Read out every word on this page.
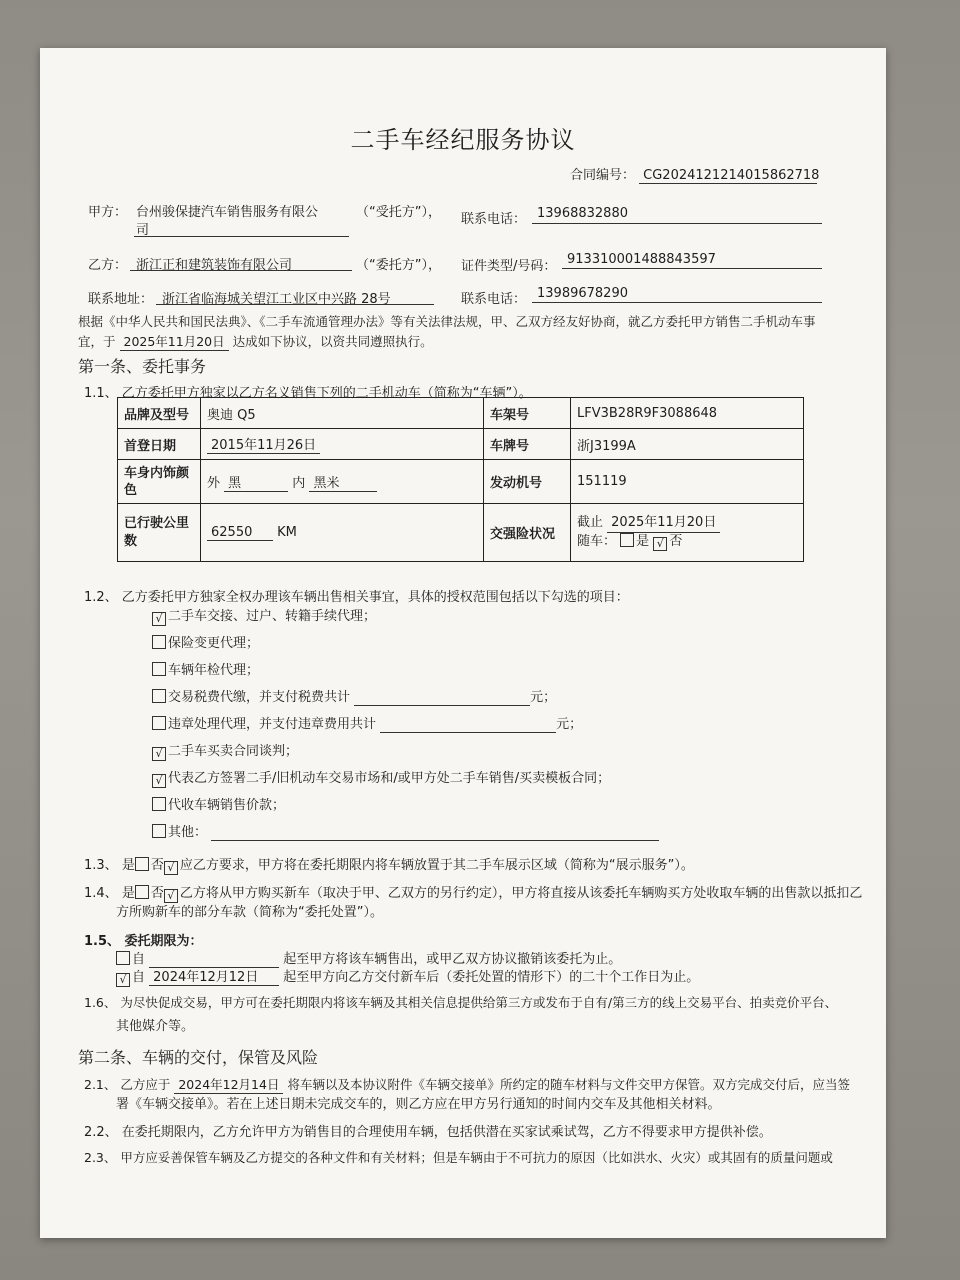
二手车经纪服务协议
合同编号： CG2024121214015862718
甲方： 台州骏保捷汽车销售服务有限公
司
（“受托方”）， 联系电话： 13968832880
乙方： 浙江正和建筑装饰有限公司	（“委托方”）， 证件类型/号码： 913310001488843597
联系地址： 浙江省临海城关望江工业区中兴路 28号	联系电话： 13989678290
根据《中华人民共和国民法典》、《二手车流通管理办法》等有关法律法规，甲、乙双方经友好协商，就乙方委托甲方销售二手机动车事
宜，于 2025年11月20日 达成如下协议，以资共同遵照执行。
第一条、委托事务
1.1、 乙方委托甲方独家以乙方名义销售下列的二手机动车（简称为“车辆”）。
品牌及型号	奥迪 Q5	车架号	LFV3B28R9F3088648
首登日期	2015年11月26日	车牌号	浙J3199A
车身内饰颜
色	外 黑 内 黑米	发动机号	151119
已行驶公里
数	62550 KM	交强险状况	截止 2025年11月20日
随车： 是 √ 否
1.2、 乙方委托甲方独家全权办理该车辆出售相关事宜，具体的授权范围包括以下勾选的项目：
√ 二手车交接、过户、转籍手续代理；
保险变更代理；
车辆年检代理；
交易税费代缴，并支付税费共计	元；
违章处理代理，并支付违章费用共计	元；
√ 二手车买卖合同谈判；
√ 代表乙方签署二手/旧机动车交易市场和/或甲方处二手车销售/买卖模板合同；
代收车辆销售价款；
其他：
1.3、 是 否 √ 应乙方要求，甲方将在委托期限内将车辆放置于其二手车展示区域（简称为“展示服务”）。
1.4、 是 否 √ 乙方将从甲方购买新车（取决于甲、乙双方的另行约定），甲方将直接从该委托车辆购买方处收取车辆的出售款以抵扣乙
方所购新车的部分车款（简称为“委托处置”）。
1.5、 委托期限为：
自	起至甲方将该车辆售出，或甲乙双方协议撤销该委托为止。
√ 自 2024年12月12日 起至甲方向乙方交付新车后（委托处置的情形下）的二十个工作日为止。
1.6、 为尽快促成交易，甲方可在委托期限内将该车辆及其相关信息提供给第三方或发布于自有/第三方的线上交易平台、拍卖竞价平台、
其他媒介等。
第二条、车辆的交付，保管及风险
2.1、 乙方应于 2024年12月14日 将车辆以及本协议附件《车辆交接单》所约定的随车材料与文件交甲方保管。双方完成交付后，应当签
署《车辆交接单》。若在上述日期未完成交车的，则乙方应在甲方另行通知的时间内交车及其他相关材料。
2.2、 在委托期限内，乙方允许甲方为销售目的合理使用车辆，包括供潜在买家试乘试驾，乙方不得要求甲方提供补偿。
2.3、 甲方应妥善保管车辆及乙方提交的各种文件和有关材料；但是车辆由于不可抗力的原因（比如洪水、火灾）或其固有的质量问题或
